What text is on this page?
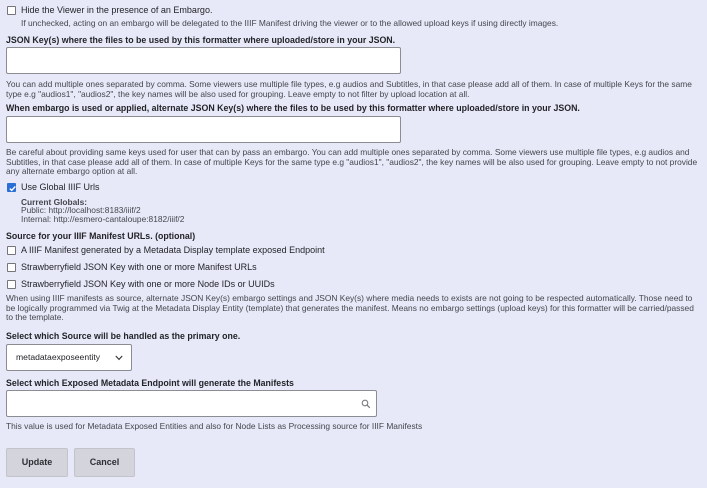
Hide the Viewer in the presence of an Embargo.
If unchecked, acting on an embargo will be delegated to the IIIF Manifest driving the viewer or to the allowed upload keys if using directly images.
JSON Key(s) where the files to be used by this formatter where uploaded/store in your JSON.
You can add multiple ones separated by comma. Some viewers use multiple file types, e.g audios and Subtitles, in that case please add all of them. In case of multiple Keys for the same type e.g "audios1", "audios2", the key names will be also used for grouping. Leave empty to not filter by upload location at all.
When embargo is used or applied, alternate JSON Key(s) where the files to be used by this formatter where uploaded/store in your JSON.
Be careful about providing same keys used for user that can by pass an embargo. You can add multiple ones separated by comma. Some viewers use multiple file types, e.g audios and Subtitles, in that case please add all of them. In case of multiple Keys for the same type e.g "audios1", "audios2", the key names will be also used for grouping. Leave empty to not provide any alternate embargo option at all.
Use Global IIIF Urls
Current Globals:
Public: http://localhost:8183/iiif/2
Internal: http://esmero-cantaloupe:8182/iiif/2
Source for your IIIF Manifest URLs. (optional)
A IIIF Manifest generated by a Metadata Display template exposed Endpoint
Strawberryfield JSON Key with one or more Manifest URLs
Strawberryfield JSON Key with one or more Node IDs or UUIDs
When using IIIF manifests as source, alternate JSON Key(s) embargo settings and JSON Key(s) where media needs to exists are not going to be respected automatically. Those need to be logically programmed via Twig at the Metadata Display Entity (template) that generates the manifest. Means no embargo settings (upload keys) for this formatter will be carried/passed to the template.
Select which Source will be handled as the primary one.
metadataexposeentity
Select which Exposed Metadata Endpoint will generate the Manifests
This value is used for Metadata Exposed Entities and also for Node Lists as Processing source for IIIF Manifests
Update	Cancel
